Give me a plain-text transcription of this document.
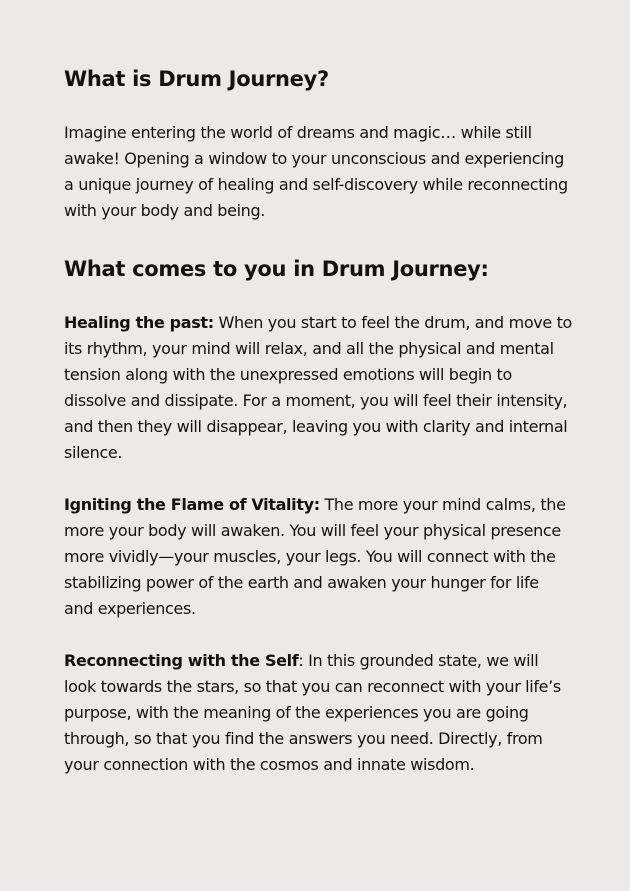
What is Drum Journey?

Imagine entering the world of dreams and magic… while still awake! Opening a window to your unconscious and experiencing a unique journey of healing and self-discovery while reconnecting with your body and being.

What comes to you in Drum Journey:

Healing the past: When you start to feel the drum, and move to its rhythm, your mind will relax, and all the physical and mental tension along with the unexpressed emotions will begin to dissolve and dissipate. For a moment, you will feel their intensity, and then they will disappear, leaving you with clarity and internal silence.

Igniting the Flame of Vitality: The more your mind calms, the more your body will awaken. You will feel your physical presence more vividly—your muscles, your legs. You will connect with the stabilizing power of the earth and awaken your hunger for life and experiences.

Reconnecting with the Self: In this grounded state, we will look towards the stars, so that you can reconnect with your life’s purpose, with the meaning of the experiences you are going through, so that you find the answers you need. Directly, from your connection with the cosmos and innate wisdom.
